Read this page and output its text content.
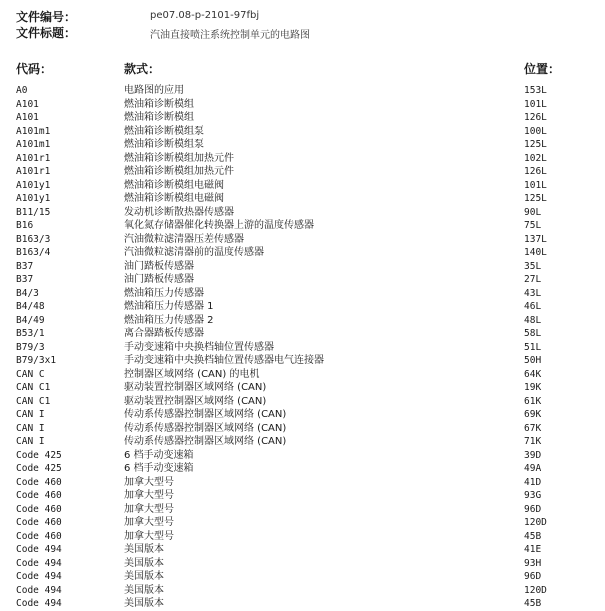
文件编号：	pe07.08-p-2101-97fbj
文件标题：	汽油直接喷注系统控制单元的电路图
代码：	款式：	位置：
A0	电路图的应用	153L
A101	燃油箱诊断模组	101L
A101	燃油箱诊断模组	126L
A101m1	燃油箱诊断模组泵	100L
A101m1	燃油箱诊断模组泵	125L
A101r1	燃油箱诊断模组加热元件	102L
A101r1	燃油箱诊断模组加热元件	126L
A101y1	燃油箱诊断模组电磁阀	101L
A101y1	燃油箱诊断模组电磁阀	125L
B11/15	发动机诊断散热器传感器	90L
B16	氧化氮存储器催化转换器上游的温度传感器	75L
B163/3	汽油微粒滤清器压差传感器	137L
B163/4	汽油微粒滤清器前的温度传感器	140L
B37	油门踏板传感器	35L
B37	油门踏板传感器	27L
B4/3	燃油箱压力传感器	43L
B4/48	燃油箱压力传感器 1	46L
B4/49	燃油箱压力传感器 2	48L
B53/1	离合器踏板传感器	58L
B79/3	手动变速箱中央换档轴位置传感器	51L
B79/3x1	手动变速箱中央换档轴位置传感器电气连接器	50H
CAN C	控制器区域网络 (CAN) 的电机	64K
CAN C1	驱动装置控制器区域网络 (CAN)	19K
CAN C1	驱动装置控制器区域网络 (CAN)	61K
CAN I	传动系传感器控制器区域网络 (CAN)	69K
CAN I	传动系传感器控制器区域网络 (CAN)	67K
CAN I	传动系传感器控制器区域网络 (CAN)	71K
Code 425	6 档手动变速箱	39D
Code 425	6 档手动变速箱	49A
Code 460	加拿大型号	41D
Code 460	加拿大型号	93G
Code 460	加拿大型号	96D
Code 460	加拿大型号	120D
Code 460	加拿大型号	45B
Code 494	美国版本	41E
Code 494	美国版本	93H
Code 494	美国版本	96D
Code 494	美国版本	120D
Code 494	美国版本	45B
